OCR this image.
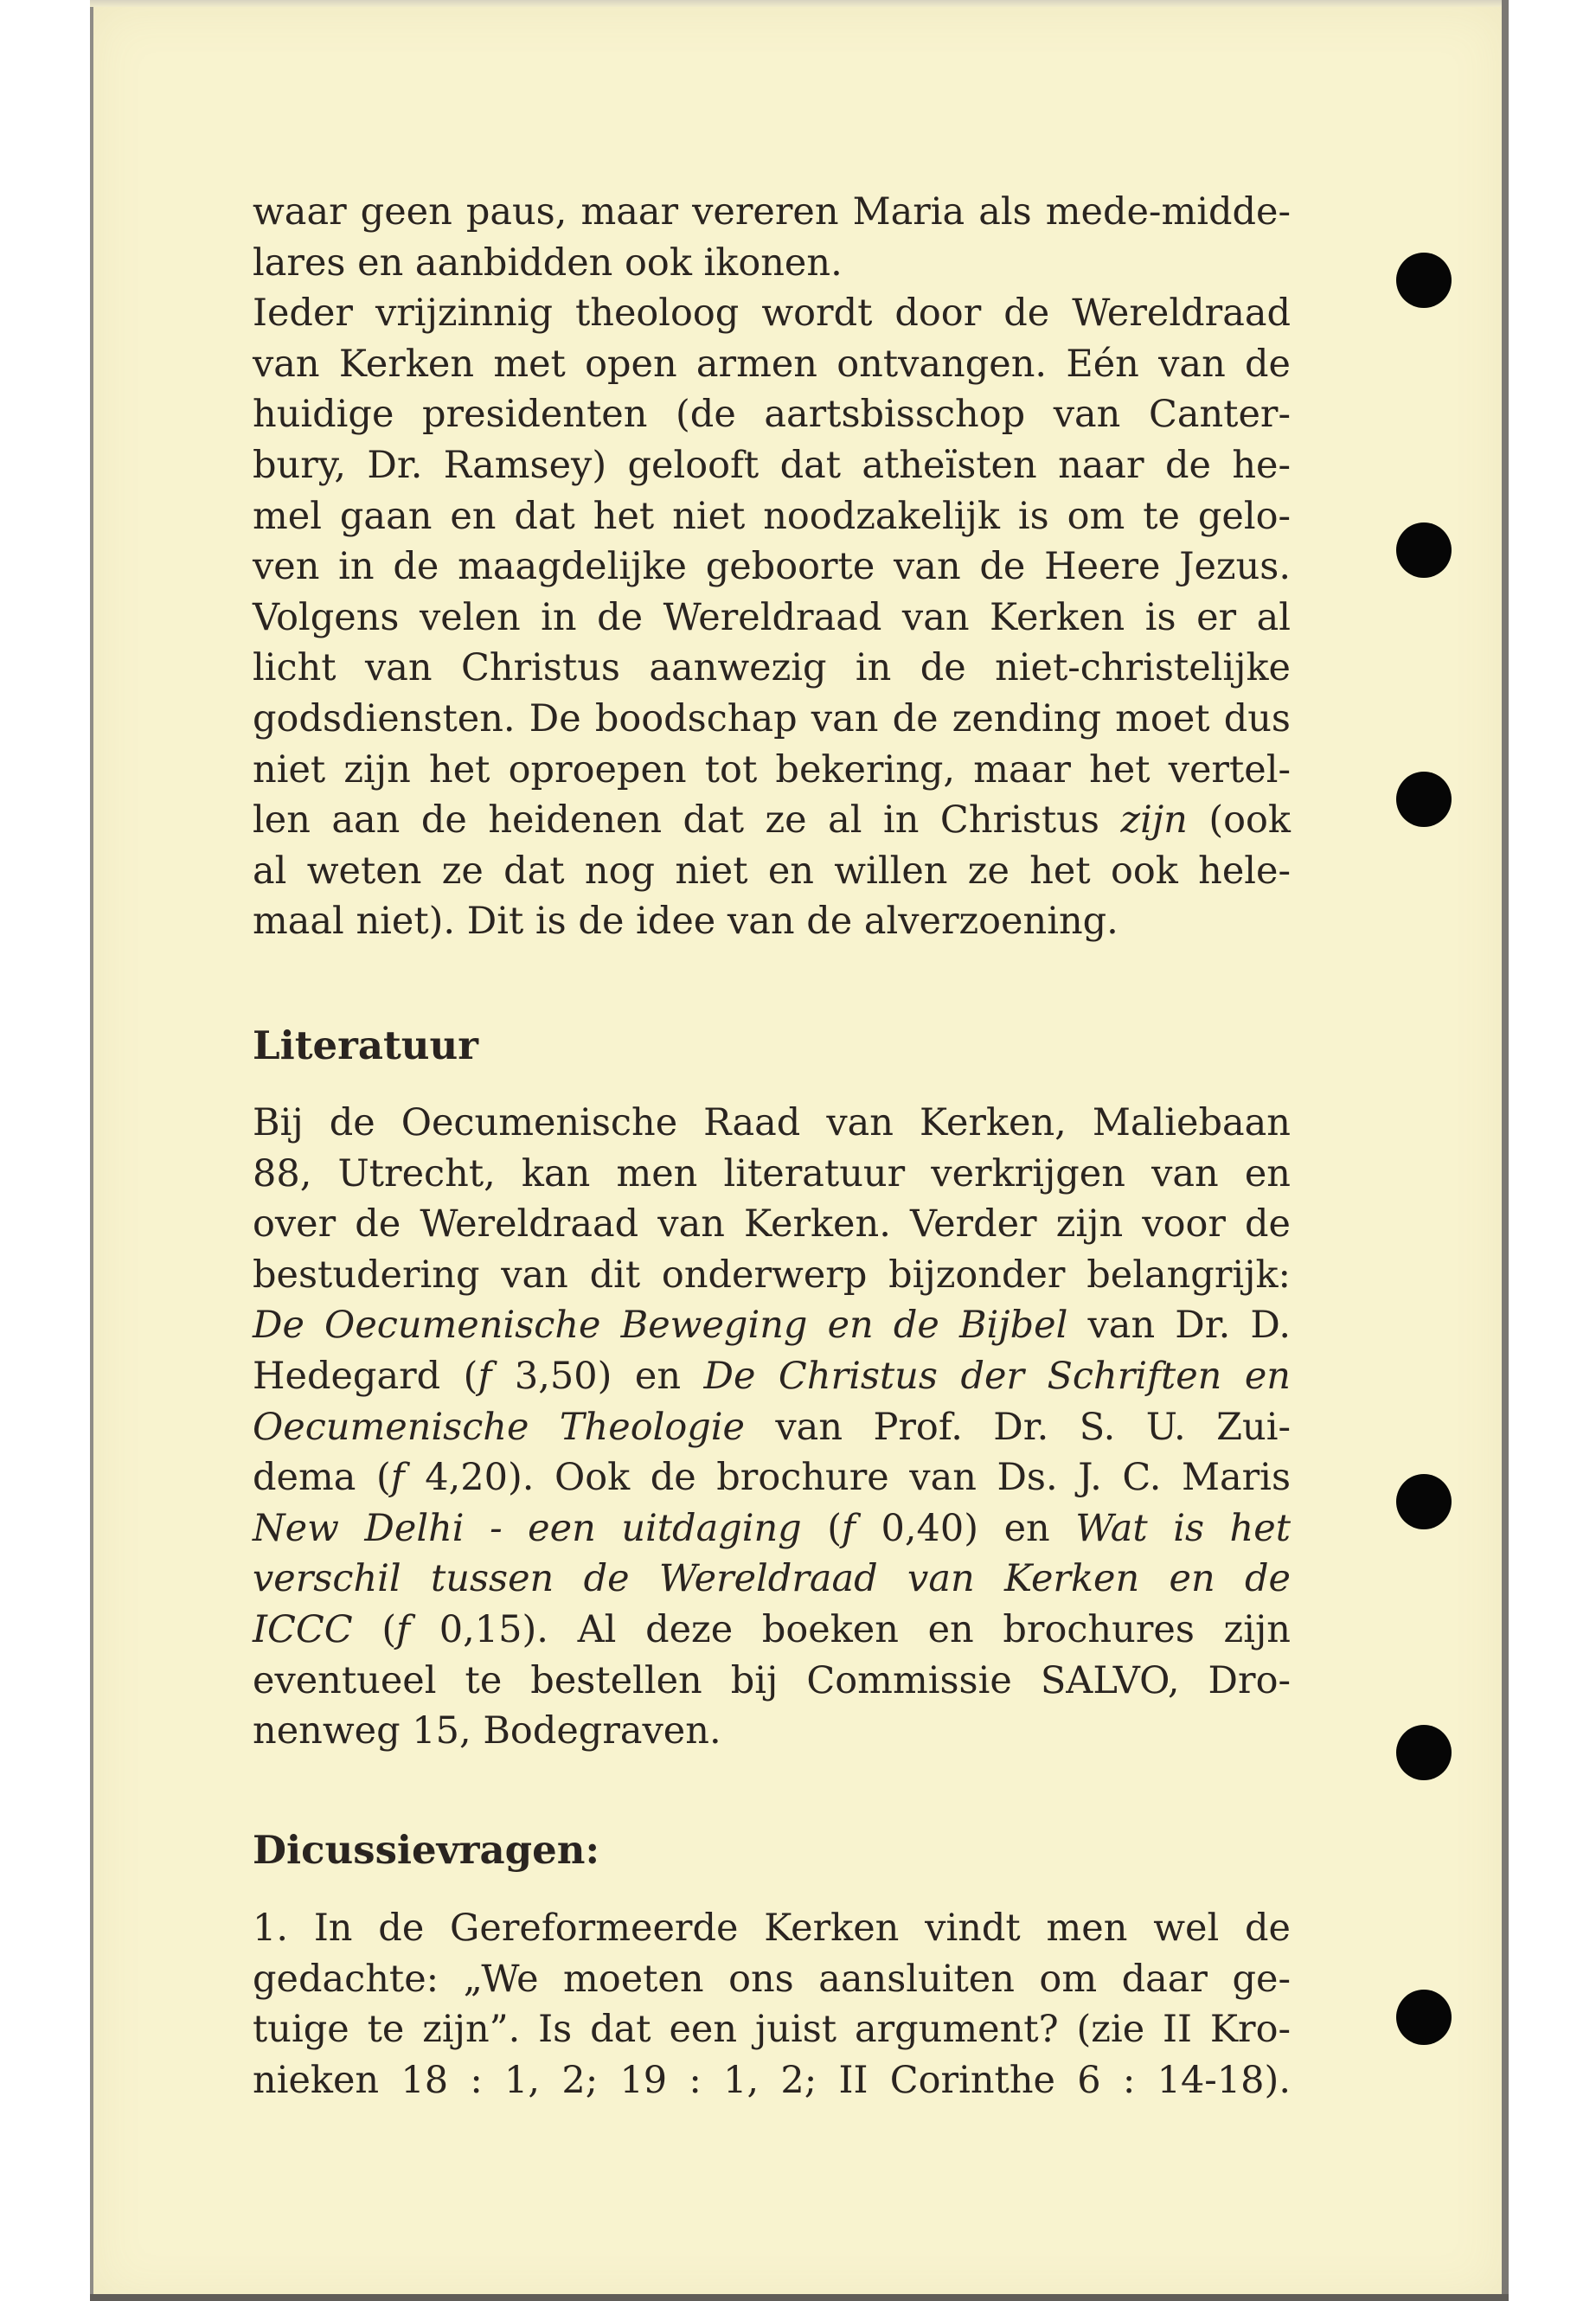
waar geen paus, maar vereren Maria als mede-midde-
lares en aanbidden ook ikonen.
Ieder vrijzinnig theoloog wordt door de Wereldraad
van Kerken met open armen ontvangen. Eén van de
huidige presidenten (de aartsbisschop van Canter-
bury, Dr. Ramsey) gelooft dat atheïsten naar de he-
mel gaan en dat het niet noodzakelijk is om te gelo-
ven in de maagdelijke geboorte van de Heere Jezus.
Volgens velen in de Wereldraad van Kerken is er al
licht van Christus aanwezig in de niet-christelijke
godsdiensten. De boodschap van de zending moet dus
niet zijn het oproepen tot bekering, maar het vertel-
len aan de heidenen dat ze al in Christus zijn (ook
al weten ze dat nog niet en willen ze het ook hele-
maal niet). Dit is de idee van de alverzoening.
Literatuur
Bij de Oecumenische Raad van Kerken, Maliebaan
88, Utrecht, kan men literatuur verkrijgen van en
over de Wereldraad van Kerken. Verder zijn voor de
bestudering van dit onderwerp bijzonder belangrijk:
De Oecumenische Beweging en de Bijbel van Dr. D.
Hedegard (f 3,50) en De Christus der Schriften en
Oecumenische Theologie van Prof. Dr. S. U. Zui-
dema (f 4,20). Ook de brochure van Ds. J. C. Maris
New Delhi - een uitdaging (f 0,40) en Wat is het
verschil tussen de Wereldraad van Kerken en de
ICCC (f 0,15). Al deze boeken en brochures zijn
eventueel te bestellen bij Commissie SALVO, Dro-
nenweg 15, Bodegraven.
Dicussievragen:
1. In de Gereformeerde Kerken vindt men wel de
gedachte: „We moeten ons aansluiten om daar ge-
tuige te zijn”. Is dat een juist argument? (zie II Kro-
nieken 18 : 1, 2; 19 : 1, 2; II Corinthe 6 : 14-18).
